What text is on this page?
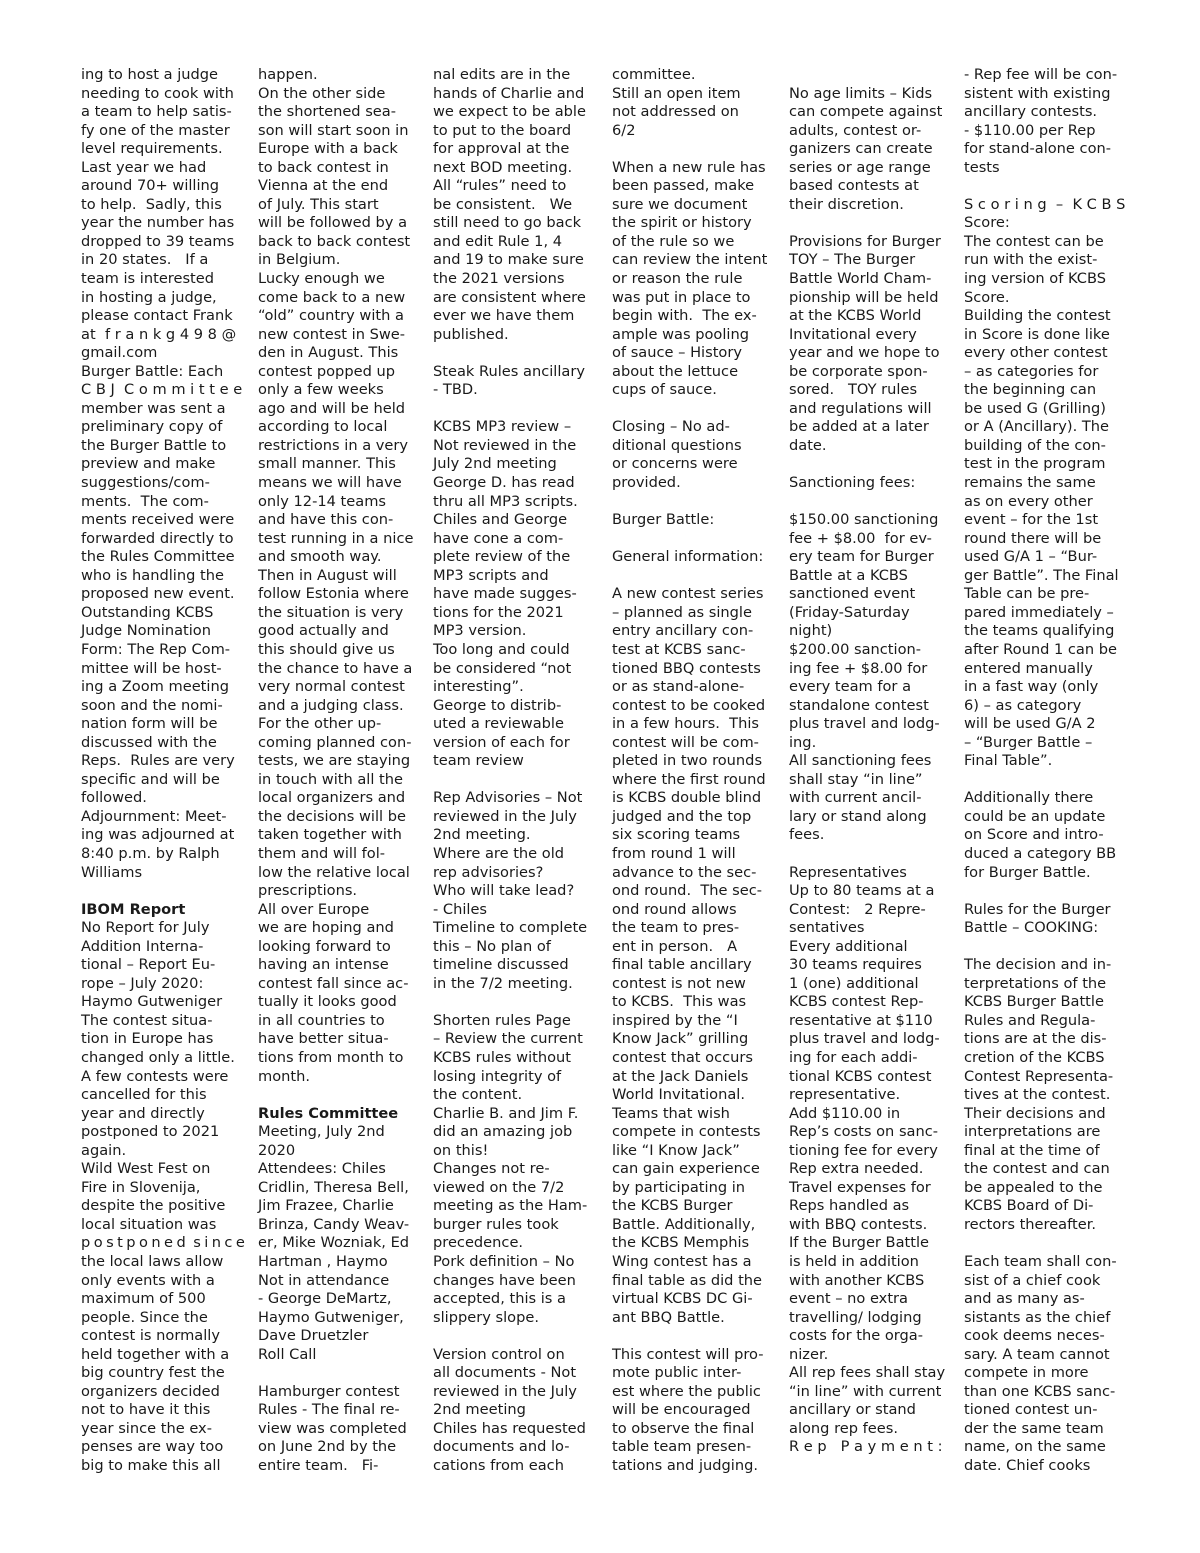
ing to host a judge
needing to cook with
a team to help satis-
fy one of the master
level requirements.
Last year we had
around 70+ willing
to help.  Sadly, this
year the number has
dropped to 39 teams
in 20 states.   If a
team is interested
in hosting a judge,
please contact Frank
at  f r a n k g 4 9 8 @
gmail.com
Burger Battle: Each
C B J  C o m m i t t e e
member was sent a
preliminary copy of
the Burger Battle to
preview and make
suggestions/com-
ments.  The com-
ments received were
forwarded directly to
the Rules Committee
who is handling the
proposed new event.
Outstanding KCBS
Judge Nomination
Form: The Rep Com-
mittee will be host-
ing a Zoom meeting
soon and the nomi-
nation form will be
discussed with the
Reps.  Rules are very
specific and will be
followed.
Adjournment: Meet-
ing was adjourned at
8:40 p.m. by Ralph
Williams
IBOM Report
No Report for July
Addition Interna-
tional – Report Eu-
rope – July 2020:
Haymo Gutweniger
The contest situa-
tion in Europe has
changed only a little.
A few contests were
cancelled for this
year and directly
postponed to 2021
again.
Wild West Fest on
Fire in Slovenija,
despite the positive
local situation was
p o s t p o n e d  s i n c e
the local laws allow
only events with a
maximum of 500
people. Since the
contest is normally
held together with a
big country fest the
organizers decided
not to have it this
year since the ex-
penses are way too
big to make this all
happen.
On the other side
the shortened sea-
son will start soon in
Europe with a back
to back contest in
Vienna at the end
of July. This start
will be followed by a
back to back contest
in Belgium.
Lucky enough we
come back to a new
“old” country with a
new contest in Swe-
den in August. This
contest popped up
only a few weeks
ago and will be held
according to local
restrictions in a very
small manner. This
means we will have
only 12-14 teams
and have this con-
test running in a nice
and smooth way.
Then in August will
follow Estonia where
the situation is very
good actually and
this should give us
the chance to have a
very normal contest
and a judging class.
For the other up-
coming planned con-
tests, we are staying
in touch with all the
local organizers and
the decisions will be
taken together with
them and will fol-
low the relative local
prescriptions.
All over Europe
we are hoping and
looking forward to
having an intense
contest fall since ac-
tually it looks good
in all countries to
have better situa-
tions from month to
month.
Rules Committee
Meeting, July 2nd
2020
Attendees: Chiles
Cridlin, Theresa Bell,
Jim Frazee, Charlie
Brinza, Candy Weav-
er, Mike Wozniak, Ed
Hartman , Haymo
Not in attendance
- George DeMartz,
Haymo Gutweniger,
Dave Druetzler
Roll Call
Hamburger contest
Rules - The final re-
view was completed
on June 2nd by the
entire team.   Fi-
nal edits are in the
hands of Charlie and
we expect to be able
to put to the board
for approval at the
next BOD meeting.
All “rules” need to
be consistent.   We
still need to go back
and edit Rule 1, 4
and 19 to make sure
the 2021 versions
are consistent where
ever we have them
published.
Steak Rules ancillary
- TBD.
KCBS MP3 review –
Not reviewed in the
July 2nd meeting
George D. has read
thru all MP3 scripts.
Chiles and George
have cone a com-
plete review of the
MP3 scripts and
have made sugges-
tions for the 2021
MP3 version.
Too long and could
be considered “not
interesting”.
George to distrib-
uted a reviewable
version of each for
team review
Rep Advisories – Not
reviewed in the July
2nd meeting.
Where are the old
rep advisories?
Who will take lead?
- Chiles
Timeline to complete
this – No plan of
timeline discussed
in the 7/2 meeting.
Shorten rules Page
– Review the current
KCBS rules without
losing integrity of
the content.
Charlie B. and Jim F.
did an amazing job
on this!
Changes not re-
viewed on the 7/2
meeting as the Ham-
burger rules took
precedence.
Pork definition – No
changes have been
accepted, this is a
slippery slope.
Version control on
all documents - Not
reviewed in the July
2nd meeting
Chiles has requested
documents and lo-
cations from each
committee.
Still an open item
not addressed on
6/2
When a new rule has
been passed, make
sure we document
the spirit or history
of the rule so we
can review the intent
or reason the rule
was put in place to
begin with.  The ex-
ample was pooling
of sauce – History
about the lettuce
cups of sauce.
Closing – No ad-
ditional questions
or concerns were
provided.
Burger Battle:
General information:
A new contest series
– planned as single
entry ancillary con-
test at KCBS sanc-
tioned BBQ contests
or as stand-alone-
contest to be cooked
in a few hours.  This
contest will be com-
pleted in two rounds
where the first round
is KCBS double blind
judged and the top
six scoring teams
from round 1 will
advance to the sec-
ond round.  The sec-
ond round allows
the team to pres-
ent in person.   A
final table ancillary
contest is not new
to KCBS.  This was
inspired by the “I
Know Jack” grilling
contest that occurs
at the Jack Daniels
World Invitational.
Teams that wish
compete in contests
like “I Know Jack”
can gain experience
by participating in
the KCBS Burger
Battle. Additionally,
the KCBS Memphis
Wing contest has a
final table as did the
virtual KCBS DC Gi-
ant BBQ Battle.
This contest will pro-
mote public inter-
est where the public
will be encouraged
to observe the final
table team presen-
tations and judging.
No age limits – Kids
can compete against
adults, contest or-
ganizers can create
series or age range
based contests at
their discretion.
Provisions for Burger
TOY – The Burger
Battle World Cham-
pionship will be held
at the KCBS World
Invitational every
year and we hope to
be corporate spon-
sored.   TOY rules
and regulations will
be added at a later
date.
Sanctioning fees:
$150.00 sanctioning
fee + $8.00  for ev-
ery team for Burger
Battle at a KCBS
sanctioned event
(Friday-Saturday
night)
$200.00 sanction-
ing fee + $8.00 for
every team for a
standalone contest
plus travel and lodg-
ing.
All sanctioning fees
shall stay “in line”
with current ancil-
lary or stand along
fees.
Representatives
Up to 80 teams at a
Contest:   2 Repre-
sentatives
Every additional
30 teams requires
1 (one) additional
KCBS contest Rep-
resentative at $110
plus travel and lodg-
ing for each addi-
tional KCBS contest
representative.
Add $110.00 in
Rep’s costs on sanc-
tioning fee for every
Rep extra needed.
Travel expenses for
Reps handled as
with BBQ contests.
If the Burger Battle
is held in addition
with another KCBS
event – no extra
travelling/ lodging
costs for the orga-
nizer.
All rep fees shall stay
“in line” with current
ancillary or stand
along rep fees.
R e p   P a y m e n t :
- Rep fee will be con-
sistent with existing
ancillary contests.
- $110.00 per Rep
for stand-alone con-
tests
S c o r i n g  –  K C B S
Score:
The contest can be
run with the exist-
ing version of KCBS
Score.
Building the contest
in Score is done like
every other contest
– as categories for
the beginning can
be used G (Grilling)
or A (Ancillary). The
building of the con-
test in the program
remains the same
as on every other
event – for the 1st
round there will be
used G/A 1 – “Bur-
ger Battle”. The Final
Table can be pre-
pared immediately –
the teams qualifying
after Round 1 can be
entered manually
in a fast way (only
6) – as category
will be used G/A 2
– “Burger Battle –
Final Table”.
Additionally there
could be an update
on Score and intro-
duced a category BB
for Burger Battle.
Rules for the Burger
Battle – COOKING:
The decision and in-
terpretations of the
KCBS Burger Battle
Rules and Regula-
tions are at the dis-
cretion of the KCBS
Contest Representa-
tives at the contest.
Their decisions and
interpretations are
final at the time of
the contest and can
be appealed to the
KCBS Board of Di-
rectors thereafter.
Each team shall con-
sist of a chief cook
and as many as-
sistants as the chief
cook deems neces-
sary. A team cannot
compete in more
than one KCBS sanc-
tioned contest un-
der the same team
name, on the same
date. Chief cooks
